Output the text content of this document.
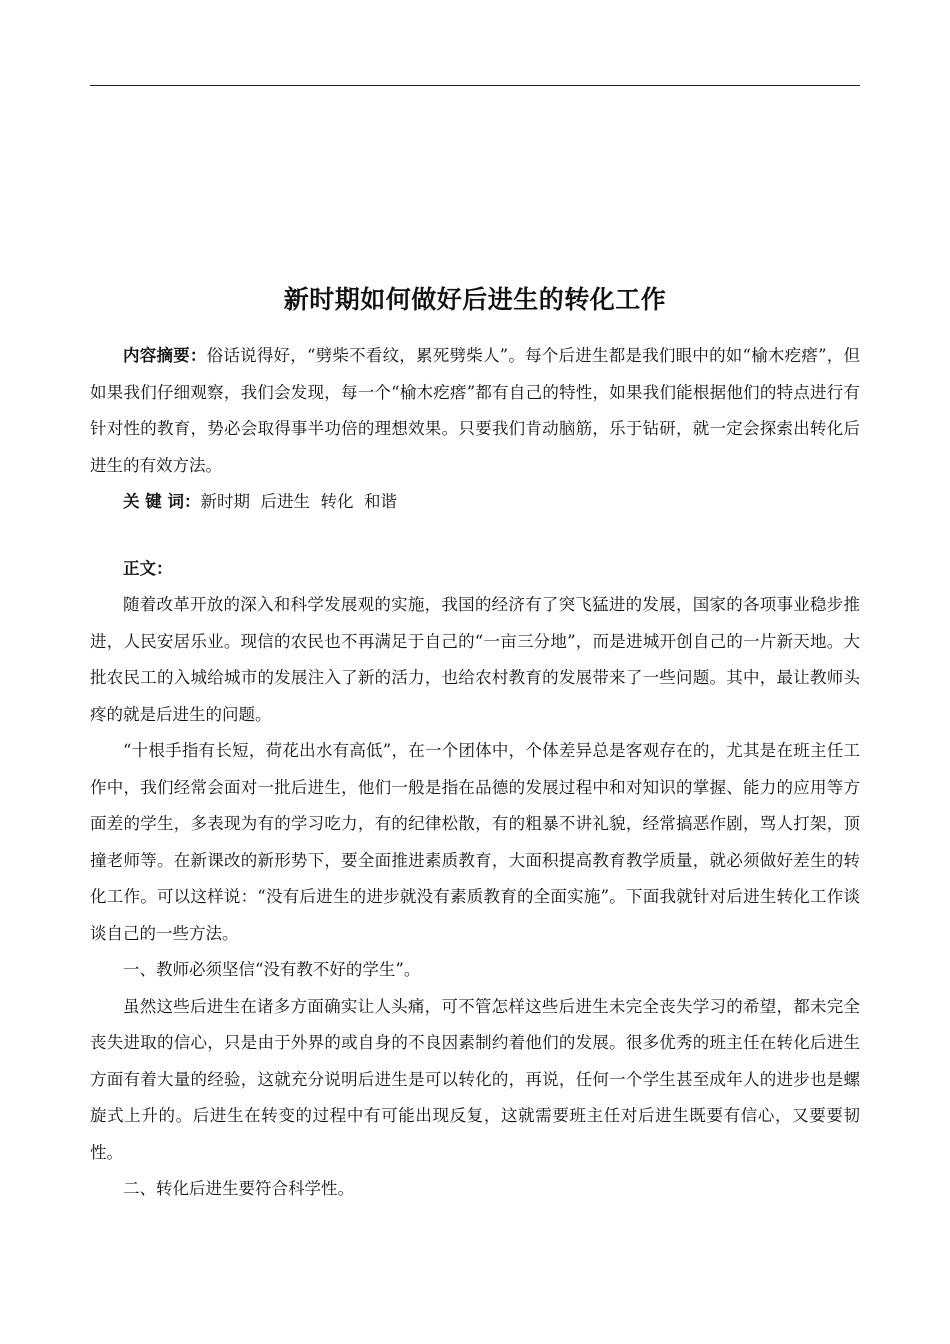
新时期如何做好后进生的转化工作

内容摘要：俗话说得好，“劈柴不看纹，累死劈柴人”。每个后进生都是我们眼中的如“榆木疙瘩”，但如果我们仔细观察，我们会发现，每一个“榆木疙瘩”都有自己的特性，如果我们能根据他们的特点进行有针对性的教育，势必会取得事半功倍的理想效果。只要我们肯动脑筋，乐于钻研，就一定会探索出转化后进生的有效方法。

关 键 词：新时期  后进生  转化  和谐

正文：

随着改革开放的深入和科学发展观的实施，我国的经济有了突飞猛进的发展，国家的各项事业稳步推进，人民安居乐业。现信的农民也不再满足于自己的“一亩三分地”，而是进城开创自己的一片新天地。大批农民工的入城给城市的发展注入了新的活力，也给农村教育的发展带来了一些问题。其中，最让教师头疼的就是后进生的问题。

“十根手指有长短，荷花出水有高低”，在一个团体中，个体差异总是客观存在的，尤其是在班主任工作中，我们经常会面对一批后进生，他们一般是指在品德的发展过程中和对知识的掌握、能力的应用等方面差的学生，多表现为有的学习吃力，有的纪律松散，有的粗暴不讲礼貌，经常搞恶作剧，骂人打架，顶撞老师等。在新课改的新形势下，要全面推进素质教育，大面积提高教育教学质量，就必须做好差生的转化工作。可以这样说：“没有后进生的进步就没有素质教育的全面实施”。下面我就针对后进生转化工作谈谈自己的一些方法。

一、教师必须坚信“没有教不好的学生”。

虽然这些后进生在诸多方面确实让人头痛，可不管怎样这些后进生未完全丧失学习的希望，都未完全丧失进取的信心，只是由于外界的或自身的不良因素制约着他们的发展。很多优秀的班主任在转化后进生方面有着大量的经验，这就充分说明后进生是可以转化的，再说，任何一个学生甚至成年人的进步也是螺旋式上升的。后进生在转变的过程中有可能出现反复，这就需要班主任对后进生既要有信心，又要要韧性。

二、转化后进生要符合科学性。
